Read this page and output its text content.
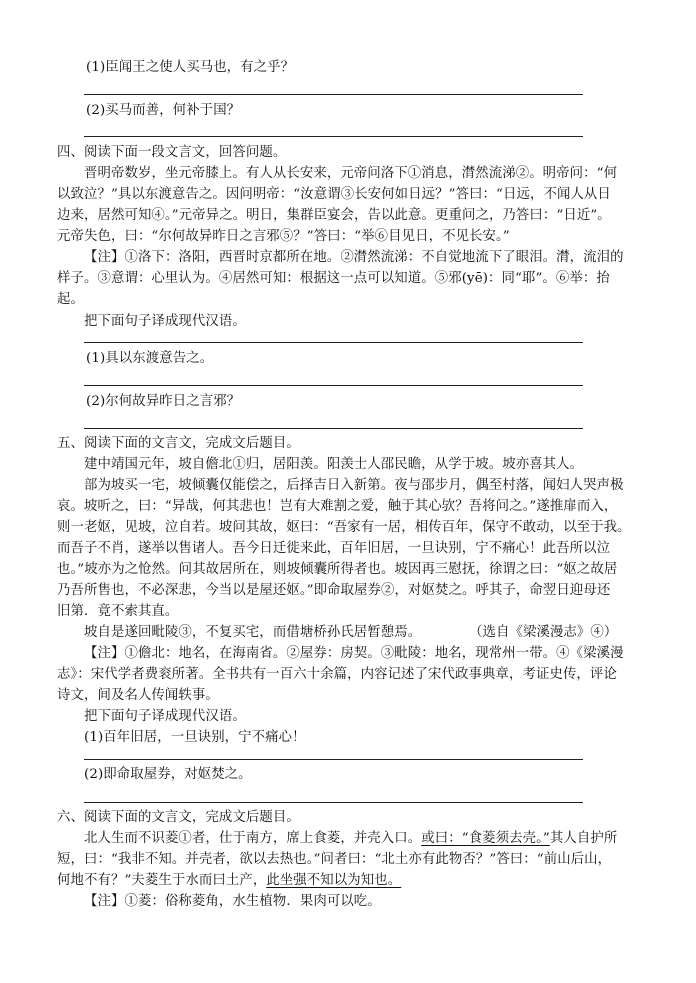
(1)臣闻王之使人买马也，有之乎？
(2)买马而善，何补于国？
四、阅读下面一段文言文，回答问题。
晋明帝数岁，坐元帝膝上。有人从长安来，元帝问洛下①消息，潸然流涕②。明帝问：“何
以致泣？”具以东渡意告之。因问明帝：“汝意谓③长安何如日远？”答曰：“日远，不闻人从日
边来，居然可知④。”元帝异之。明日，集群臣宴会，告以此意。更重问之，乃答曰：“日近”。
元帝失色，曰：“尔何故异昨日之言邪⑤？”答曰：“举⑥目见日，不见长安。”
【注】①洛下：洛阳，西晋时京都所在地。②潸然流涕：不自觉地流下了眼泪。潸，流泪的
样子。③意谓：心里认为。④居然可知：根据这一点可以知道。⑤邪(yē)：同“耶”。⑥举：抬
起。
把下面句子译成现代汉语。
(1)具以东渡意告之。
(2)尔何故异昨日之言邪？
五、阅读下面的文言文，完成文后题目。
建中靖国元年，坡自儋北①归，居阳羡。阳羡士人邵民瞻，从学于坡。坡亦喜其人。
部为坡买一宅，坡倾囊仅能偿之，后择吉日入新第。夜与邵步月，偶至村落，闻妇人哭声极
哀。坡听之，曰：“异哉，何其悲也！岂有大难割之爱，触于其心欤？吾将问之。”遂推扉而入，
则一老妪，见坡，泣自若。坡问其故，妪曰：“吾家有一居，相传百年，保守不敢动，以至于我。
而吾子不肖，遂举以售诸人。吾今日迁徙来此，百年旧居，一旦诀别，宁不痛心！此吾所以泣
也。”坡亦为之怆然。问其故居所在，则坡倾囊所得者也。坡因再三慰抚，徐谓之曰：“妪之故居
乃吾所售也，不必深悲，今当以是屋还妪。”即命取屋券②，对妪焚之。呼其子，命翌日迎母还
旧第．竟不索其直。
坡自是遂回毗陵③，不复买宅，而借塘桥孙氏居暂憩焉。	（选自《梁溪漫志》④）
【注】①儋北：地名，在海南省。②屋券：房契。③毗陵：地名，现常州一带。④《梁溪漫
志》：宋代学者费衮所著。全书共有一百六十余篇，内容记述了宋代政事典章，考证史传，评论
诗文，间及名人传闻轶事。
把下面句子译成现代汉语。
(1)百年旧居，一旦诀别，宁不痛心！
(2)即命取屋券，对妪焚之。
六、阅读下面的文言文，完成文后题目。
北人生而不识菱①者，仕于南方，席上食菱，并壳入口。或曰：“食菱须去壳。”其人自护所
短，曰：“我非不知。并壳者，欲以去热也。”问者曰：“北土亦有此物否？”答曰：“前山后山，
何地不有？”夫菱生于水而曰土产，此坐强不知以为知也。
【注】①菱：俗称菱角，水生植物．果肉可以吃。
